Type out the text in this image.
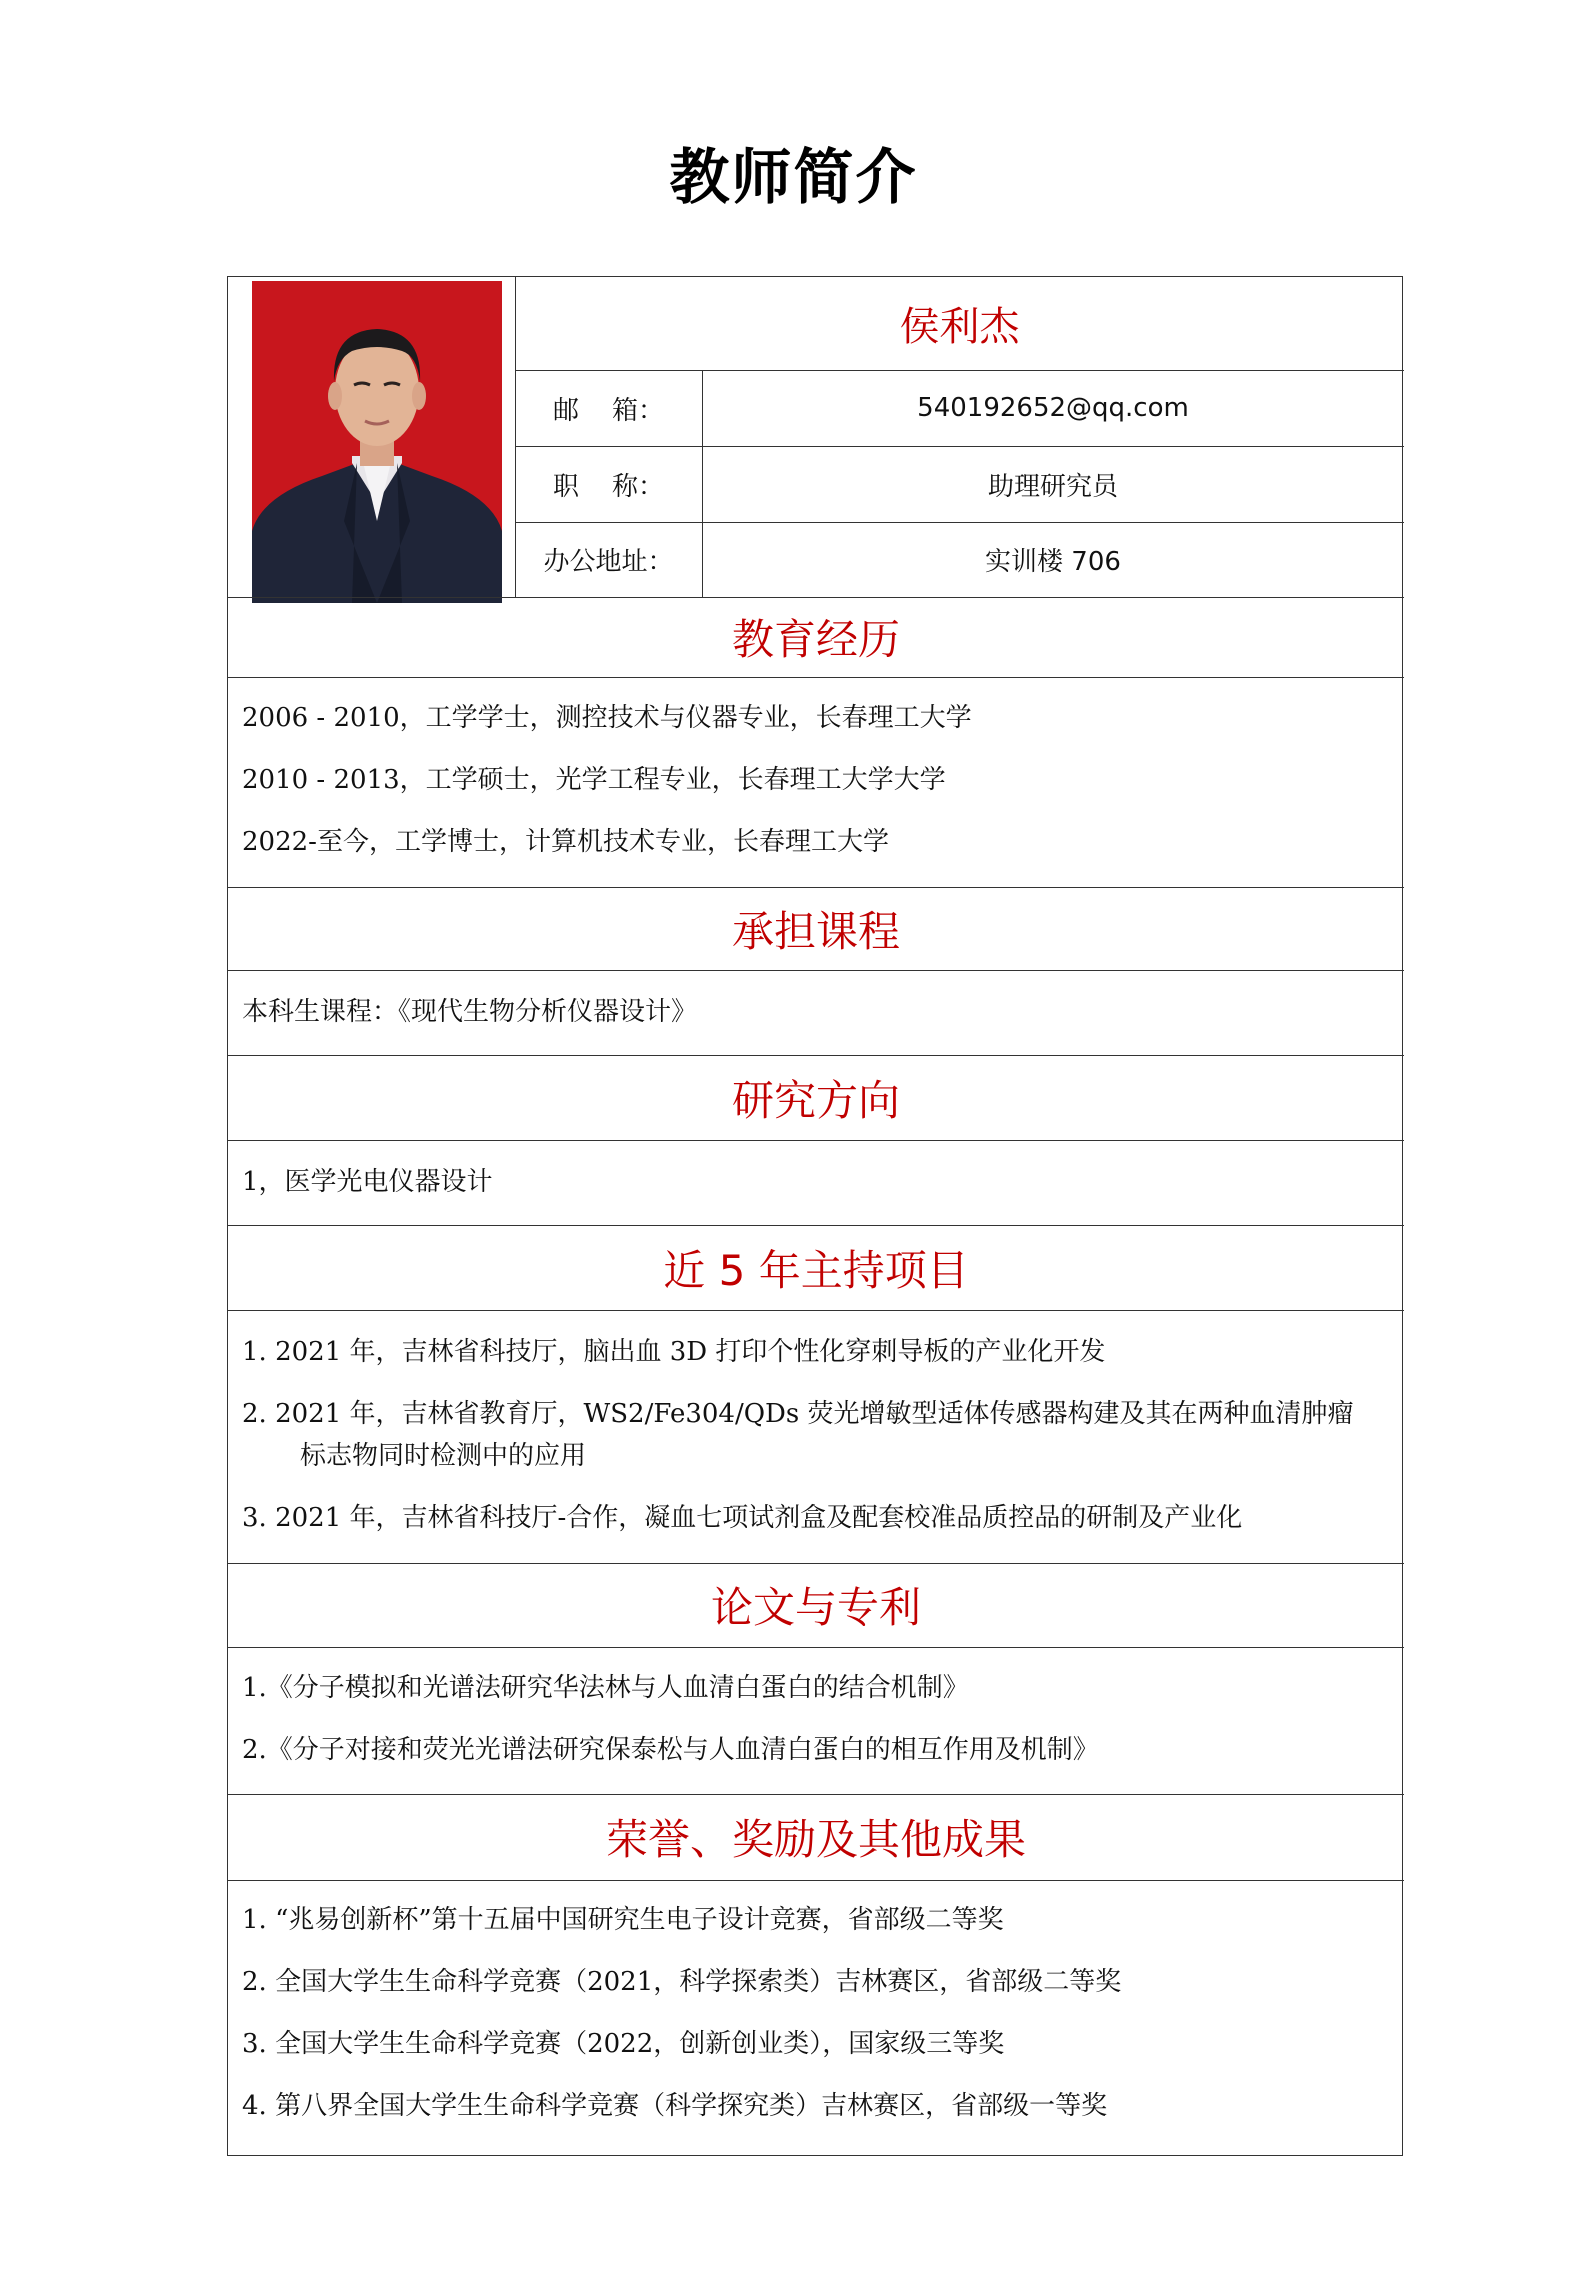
教师简介
侯利杰
邮    箱：	540192652@qq.com
职    称：	助理研究员
办公地址：	实训楼 706
教育经历
2006 - 2010，工学学士，测控技术与仪器专业，长春理工大学
2010 - 2013，工学硕士，光学工程专业，长春理工大学大学
2022-至今，工学博士，计算机技术专业，长春理工大学
承担课程
本科生课程：《现代生物分析仪器设计》
研究方向
1，医学光电仪器设计
近 5 年主持项目
1. 2021 年，吉林省科技厅，脑出血 3D 打印个性化穿刺导板的产业化开发
2. 2021 年，吉林省教育厅，WS2/Fe304/QDs 荧光增敏型适体传感器构建及其在两种血清肿瘤
标志物同时检测中的应用
3. 2021 年，吉林省科技厅-合作，凝血七项试剂盒及配套校准品质控品的研制及产业化
论文与专利
1.《分子模拟和光谱法研究华法林与人血清白蛋白的结合机制》
2.《分子对接和荧光光谱法研究保泰松与人血清白蛋白的相互作用及机制》
荣誉、奖励及其他成果
1. “兆易创新杯”第十五届中国研究生电子设计竞赛，省部级二等奖
2. 全国大学生生命科学竞赛（2021，科学探索类）吉林赛区，省部级二等奖
3. 全国大学生生命科学竞赛（2022，创新创业类），国家级三等奖
4. 第八界全国大学生生命科学竞赛（科学探究类）吉林赛区，省部级一等奖
